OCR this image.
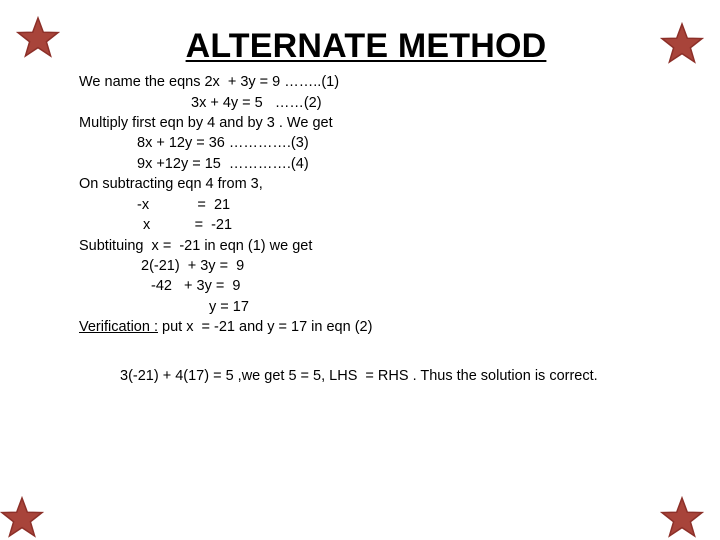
ALTERNATE METHOD
We name the eqns 2x  + 3y = 9 ……..(1)
3x + 4y = 5   ……(2)
Multiply first eqn by 4 and by 3 . We get
8x + 12y = 36 ………….(3)
9x +12y = 15  ………….(4)
On subtracting eqn 4 from 3,
-x            =  21
x           =  -21
Subtituing  x =  -21 in eqn (1) we get
2(-21)  + 3y =  9
-42   + 3y =  9
y = 17
Verification : put x  = -21 and y = 17 in eqn (2)
3(-21) + 4(17) = 5 ,we get 5 = 5, LHS  = RHS . Thus the solution is correct.
